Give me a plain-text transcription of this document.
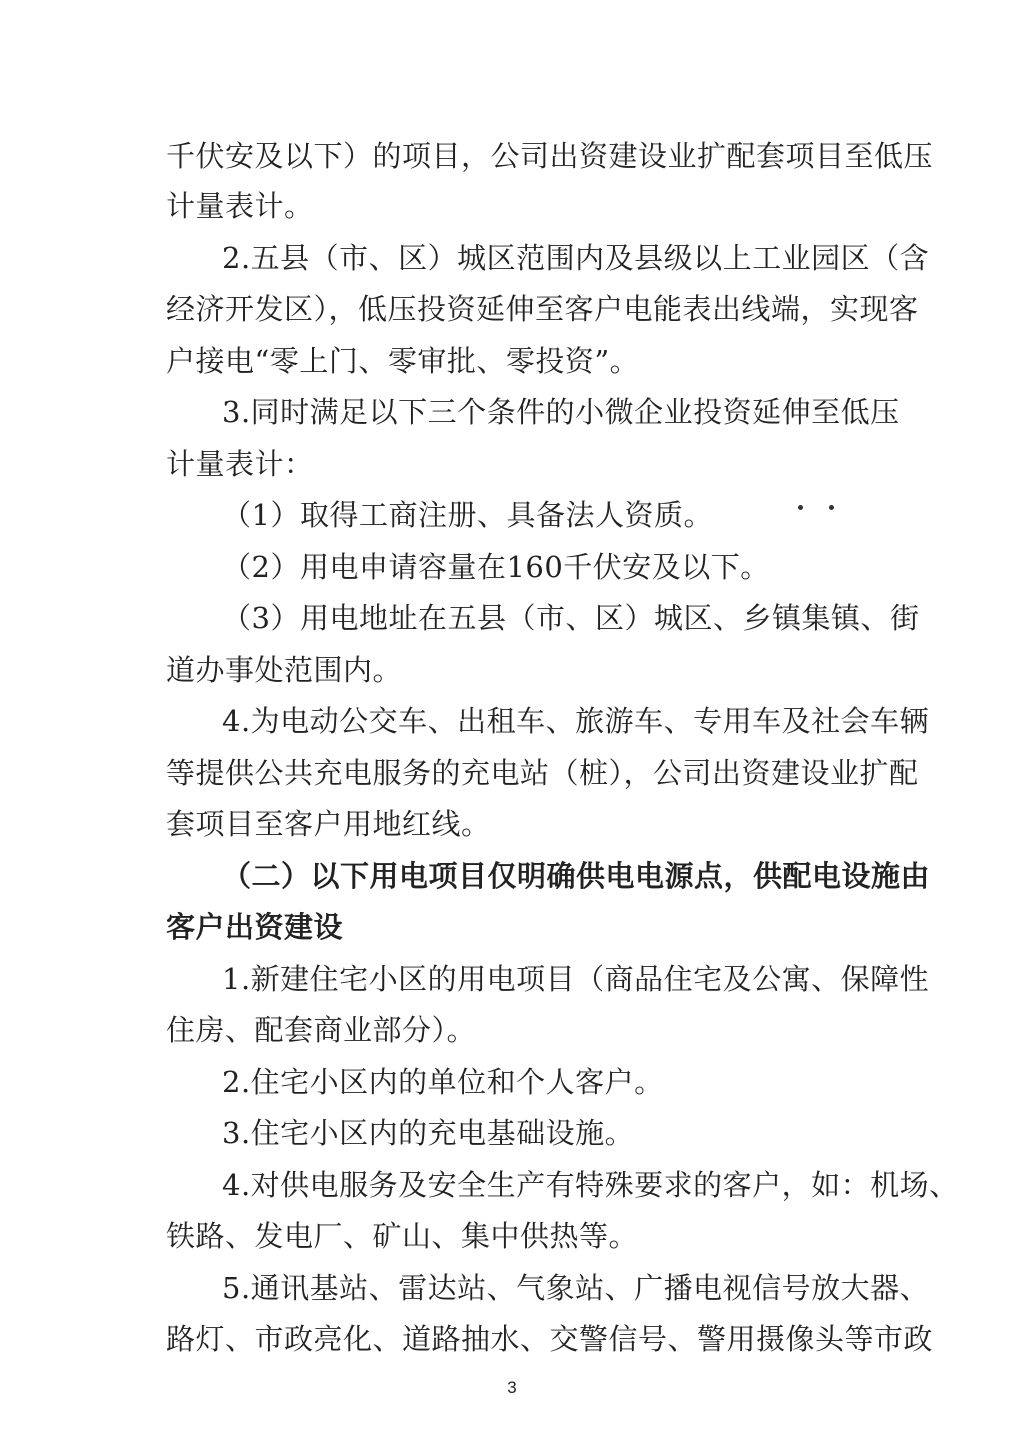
千伏安及以下）的项目，公司出资建设业扩配套项目至低压
计量表计。
2.五县（市、区）城区范围内及县级以上工业园区（含
经济开发区），低压投资延伸至客户电能表出线端，实现客
户接电“零上门、零审批、零投资”。
3.同时满足以下三个条件的小微企业投资延伸至低压
计量表计：
（1）取得工商注册、具备法人资质。
（2）用电申请容量在160千伏安及以下。
（3）用电地址在五县（市、区）城区、乡镇集镇、街
道办事处范围内。
4.为电动公交车、出租车、旅游车、专用车及社会车辆
等提供公共充电服务的充电站（桩），公司出资建设业扩配
套项目至客户用地红线。
（二）以下用电项目仅明确供电电源点，供配电设施由
客户出资建设
1.新建住宅小区的用电项目（商品住宅及公寓、保障性
住房、配套商业部分）。
2.住宅小区内的单位和个人客户。
3.住宅小区内的充电基础设施。
4.对供电服务及安全生产有特殊要求的客户，如：机场、
铁路、发电厂、矿山、集中供热等。
5.通讯基站、雷达站、气象站、广播电视信号放大器、
路灯、市政亮化、道路抽水、交警信号、警用摄像头等市政
3
